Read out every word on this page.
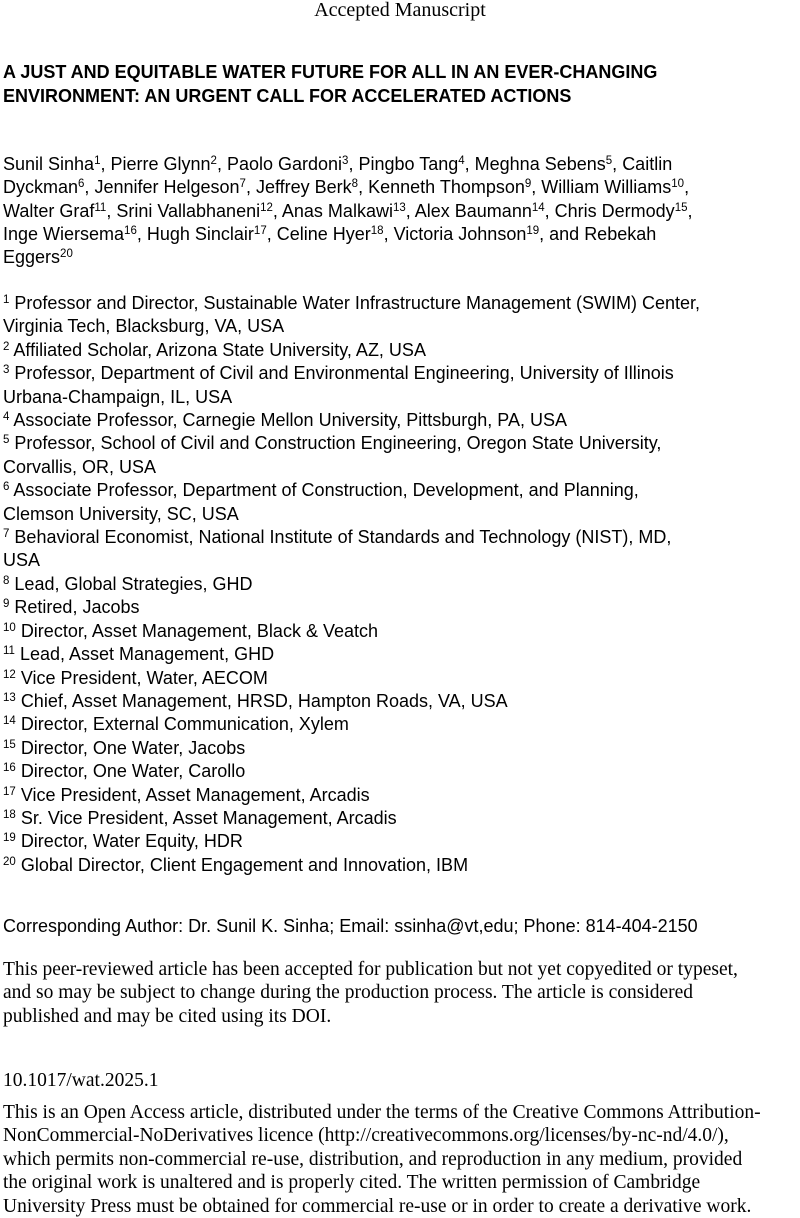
Accepted Manuscript
A JUST AND EQUITABLE WATER FUTURE FOR ALL IN AN EVER-CHANGING
ENVIRONMENT: AN URGENT CALL FOR ACCELERATED ACTIONS
Sunil Sinha$^1$, Pierre Glynn$^2$, Paolo Gardoni$^3$, Pingbo Tang$^4$, Meghna Sebens$^5$, Caitlin
Dyckman$^6$, Jennifer Helgeson$^7$, Jeffrey Berk$^8$, Kenneth Thompson$^9$, William Williams$^{10}$,
Walter Graf$^{11}$, Srini Vallabhaneni$^{12}$, Anas Malkawi$^{13}$, Alex Baumann$^{14}$, Chris Dermody$^{15}$,
Inge Wiersema$^{16}$, Hugh Sinclair$^{17}$, Celine Hyer$^{18}$, Victoria Johnson$^{19}$, and Rebekah
Eggers$^{20}$
$^1$ Professor and Director, Sustainable Water Infrastructure Management (SWIM) Center,
Virginia Tech, Blacksburg, VA, USA
$^2$ Affiliated Scholar, Arizona State University, AZ, USA
$^3$ Professor, Department of Civil and Environmental Engineering, University of Illinois
Urbana-Champaign, IL, USA
$^4$ Associate Professor, Carnegie Mellon University, Pittsburgh, PA, USA
$^5$ Professor, School of Civil and Construction Engineering, Oregon State University,
Corvallis, OR, USA
$^6$ Associate Professor, Department of Construction, Development, and Planning,
Clemson University, SC, USA
$^7$ Behavioral Economist, National Institute of Standards and Technology (NIST), MD,
USA
$^8$ Lead, Global Strategies, GHD
$^9$ Retired, Jacobs
$^{10}$ Director, Asset Management, Black & Veatch
$^{11}$ Lead, Asset Management, GHD
$^{12}$ Vice President, Water, AECOM
$^{13}$ Chief, Asset Management, HRSD, Hampton Roads, VA, USA
$^{14}$ Director, External Communication, Xylem
$^{15}$ Director, One Water, Jacobs
$^{16}$ Director, One Water, Carollo
$^{17}$ Vice President, Asset Management, Arcadis
$^{18}$ Sr. Vice President, Asset Management, Arcadis
$^{19}$ Director, Water Equity, HDR
$^{20}$ Global Director, Client Engagement and Innovation, IBM
Corresponding Author: Dr. Sunil K. Sinha; Email: ssinha@vt,edu; Phone: 814-404-2150
This peer-reviewed article has been accepted for publication but not yet copyedited or typeset,
and so may be subject to change during the production process. The article is considered
published and may be cited using its DOI.
10.1017/wat.2025.1
This is an Open Access article, distributed under the terms of the Creative Commons Attribution-
NonCommercial-NoDerivatives licence (http://creativecommons.org/licenses/by-nc-nd/4.0/),
which permits non-commercial re-use, distribution, and reproduction in any medium, provided
the original work is unaltered and is properly cited. The written permission of Cambridge
University Press must be obtained for commercial re-use or in order to create a derivative work.
